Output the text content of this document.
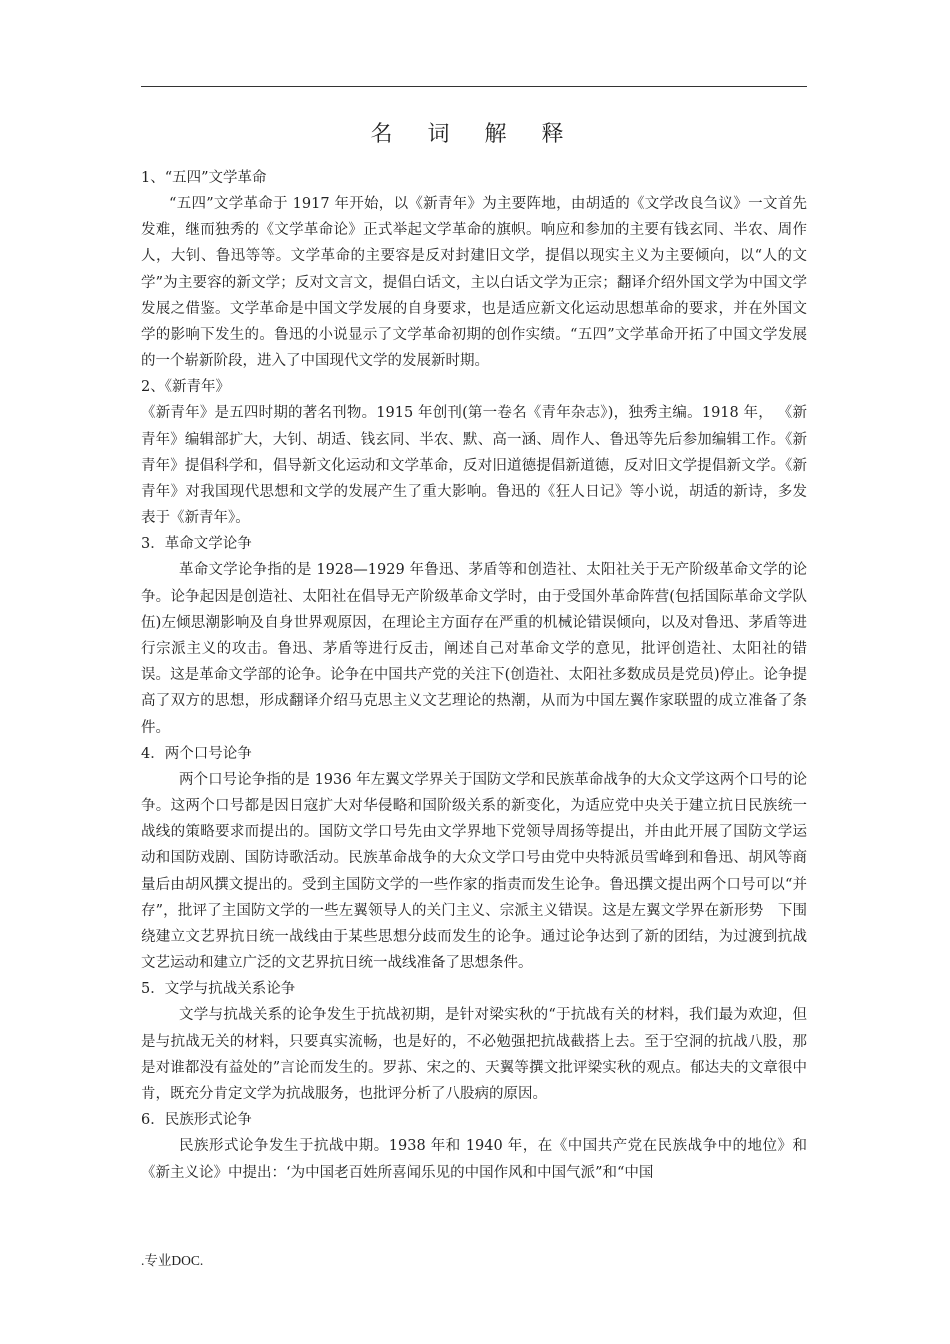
名 词 解 释

1、“五四”文学革命

“五四”文学革命于 1917 年开始，以《新青年》为主要阵地，由胡适的《文学改良刍议》一文首先发难，继而独秀的《文学革命论》正式举起文学革命的旗帜。响应和参加的主要有钱玄同、半农、周作人，大钊、鲁迅等等。文学革命的主要容是反对封建旧文学，提倡以现实主义为主要倾向，以“人的文学”为主要容的新文学；反对文言文，提倡白话文，主以白话文学为正宗；翻译介绍外国文学为中国文学发展之借鉴。文学革命是中国文学发展的自身要求，也是适应新文化运动思想革命的要求，并在外国文学的影响下发生的。鲁迅的小说显示了文学革命初期的创作实绩。“五四”文学革命开拓了中国文学发展 的一个崭新阶段，进入了中国现代文学的发展新时期。

2、《新青年》

《新青年》是五四时期的著名刊物。1915 年创刊(第一卷名《青年杂志》)，独秀主编。1918 年， 《新青年》编辑部扩大，大钊、胡适、钱玄同、半农、默、高一涵、周作人、鲁迅等先后参加编辑工作。《新青年》提倡科学和，倡导新文化运动和文学革命，反对旧道德提倡新道德，反对旧文学提倡新文学。《新青年》对我国现代思想和文学的发展产生了重大影响。鲁迅的《狂人日记》等小说，胡适的新诗，多发表于《新青年》。

3．革命文学论争

革命文学论争指的是 1928—1929 年鲁迅、茅盾等和创造社、太阳社关于无产阶级革命文学的论争。论争起因是创造社、太阳社在倡导无产阶级革命文学时，由于受国外革命阵营(包括国际革命文学队伍)左倾思潮影响及自身世界观原因，在理论主方面存在严重的机械论错误倾向，以及对鲁迅、茅盾等进行宗派主义的攻击。鲁迅、茅盾等进行反击，阐述自己对革命文学的意见，批评创造社、太阳社的错误。这是革命文学部的论争。论争在中国共产党的关注下(创造社、太阳社多数成员是党员)停止。论争提高了双方的思想，形成翻译介绍马克思主义文艺理论的热潮，从而为中国左翼作家联盟的成立准备了条件。

4．两个口号论争

两个口号论争指的是 1936 年左翼文学界关于国防文学和民族革命战争的大众文学这两个口号的论争。这两个口号都是因日寇扩大对华侵略和国阶级关系的新变化，为适应党中央关于建立抗日民族统一战线的策略要求而提出的。国防文学口号先由文学界地下党领导周扬等提出，并由此开展了国防文学运动和国防戏剧、国防诗歌活动。民族革命战争的大众文学口号由党中央特派员雪峰到和鲁迅、胡风等商量后由胡风撰文提出的。受到主国防文学的一些作家的指责而发生论争。鲁迅撰文提出两个口号可以“并存”，批评了主国防文学的一些左翼领导人的关门主义、宗派主义错误。这是左翼文学界在新形势　下围绕建立文艺界抗日统一战线由于某些思想分歧而发生的论争。通过论争达到了新的团结，为过渡到抗战文艺运动和建立广泛的文艺界抗日统一战线准备了思想条件。

5．文学与抗战关系论争

文学与抗战关系的论争发生于抗战初期，是针对梁实秋的“于抗战有关的材料，我们最为欢迎，但是与抗战无关的材料，只要真实流畅，也是好的，不必勉强把抗战截搭上去。至于空洞的抗战八股，那是对谁都没有益处的”言论而发生的。罗荪、宋之的、天翼等撰文批评梁实秋的观点。郁达夫的文章很中肯，既充分肯定文学为抗战服务，也批评分析了八股病的原因。

6．民族形式论争

民族形式论争发生于抗战中期。1938 年和 1940 年，在《中国共产党在民族战争中的地位》和《新主义论》中提出：‘为中国老百姓所喜闻乐见的中国作风和中国气派”和“中国

.专业DOC.
